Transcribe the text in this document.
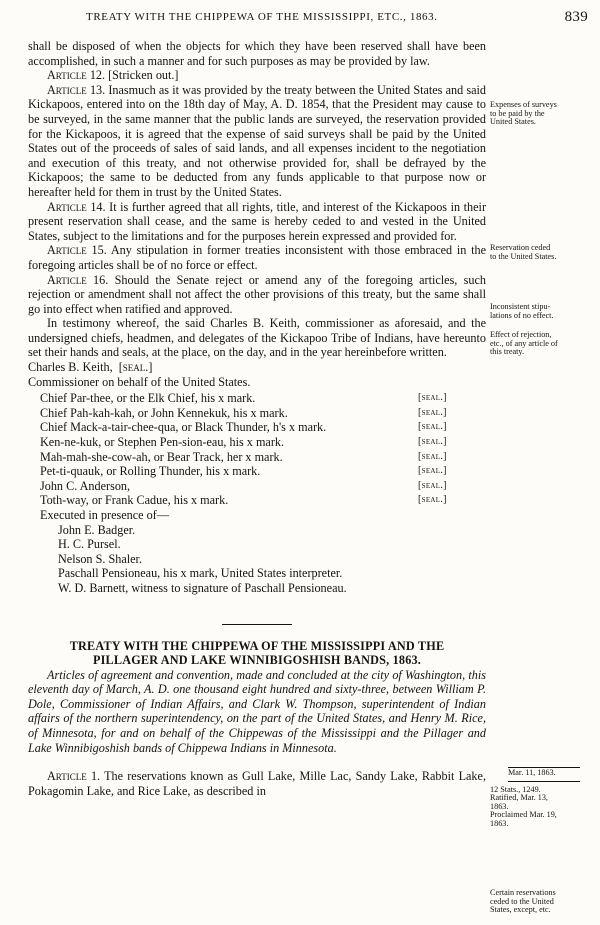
TREATY WITH THE CHIPPEWA OF THE MISSISSIPPI, ETC., 1863.	839

shall be disposed of when the objects for which they have been reserved shall have been accomplished, in such a manner and for such purposes as may be provided by law.

Article 12. [Stricken out.]

Article 13. Inasmuch as it was provided by the treaty between the United States and said Kickapoos, entered into on the 18th day of May, A. D. 1854, that the President may cause to be surveyed, in the same manner that the public lands are surveyed, the reservation provided for the Kickapoos, it is agreed that the expense of said surveys shall be paid by the United States out of the proceeds of sales of said lands, and all expenses incident to the negotiation and execution of this treaty, and not otherwise provided for, shall be defrayed by the Kickapoos; the same to be deducted from any funds applicable to that purpose now or hereafter held for them in trust by the United States.

Article 14. It is further agreed that all rights, title, and interest of the Kickapoos in their present reservation shall cease, and the same is hereby ceded to and vested in the United States, subject to the limitations and for the purposes herein expressed and provided for.

Article 15. Any stipulation in former treaties inconsistent with those embraced in the foregoing articles shall be of no force or effect.

Article 16. Should the Senate reject or amend any of the foregoing articles, such rejection or amendment shall not affect the other provisions of this treaty, but the same shall go into effect when ratified and approved.

In testimony whereof, the said Charles B. Keith, commissioner as aforesaid, and the undersigned chiefs, headmen, and delegates of the Kickapoo Tribe of Indians, have hereunto set their hands and seals, at the place, on the day, and in the year hereinbefore written.

Charles B. Keith, [seal.]

Commissioner on behalf of the United States.

Chief Par-thee, or the Elk Chief, his x mark.	[seal.]
Chief Pah-kah-kah, or John Kennekuk, his x mark.	[seal.]
Chief Mack-a-tair-chee-qua, or Black Thunder, h's x mark.	[seal.]
Ken-ne-kuk, or Stephen Pen-sion-eau, his x mark.	[seal.]
Mah-mah-she-cow-ah, or Bear Track, her x mark.	[seal.]
Pet-ti-quauk, or Rolling Thunder, his x mark.	[seal.]
John C. Anderson,	[seal.]
Toth-way, or Frank Cadue, his x mark.	[seal.]

Executed in presence of—

John E. Badger.

H. C. Pursel.

Nelson S. Shaler.

Paschall Pensioneau, his x mark, United States interpreter.

W. D. Barnett, witness to signature of Paschall Pensioneau.

TREATY WITH THE CHIPPEWA OF THE MISSISSIPPI AND THE

PILLAGER AND LAKE WINNIBIGOSHISH BANDS, 1863.

Articles of agreement and convention, made and concluded at the city of Washington, this eleventh day of March, A. D. one thousand eight hundred and sixty-three, between William P. Dole, Commissioner of Indian Affairs, and Clark W. Thompson, superintendent of Indian affairs of the northern superintendency, on the part of the United States, and Henry M. Rice, of Minnesota, for and on behalf of the Chippewas of the Mississippi and the Pillager and Lake Winnibigoshish bands of Chippewa Indians in Minnesota.

Article 1. The reservations known as Gull Lake, Mille Lac, Sandy Lake, Rabbit Lake, Pokagomin Lake, and Rice Lake, as described in

Expenses of surveys
to be paid by the
United States.
Reservation ceded
to the United States.
Inconsistent stipu-
lations of no effect.
Effect of rejection,
etc., of any article of
this treaty.
Mar. 11, 1863.
12 Stats., 1249.
Ratified, Mar. 13,
1863.
Proclaimed Mar. 19,
1863.
Certain reservations
ceded to the United
States, except, etc.
